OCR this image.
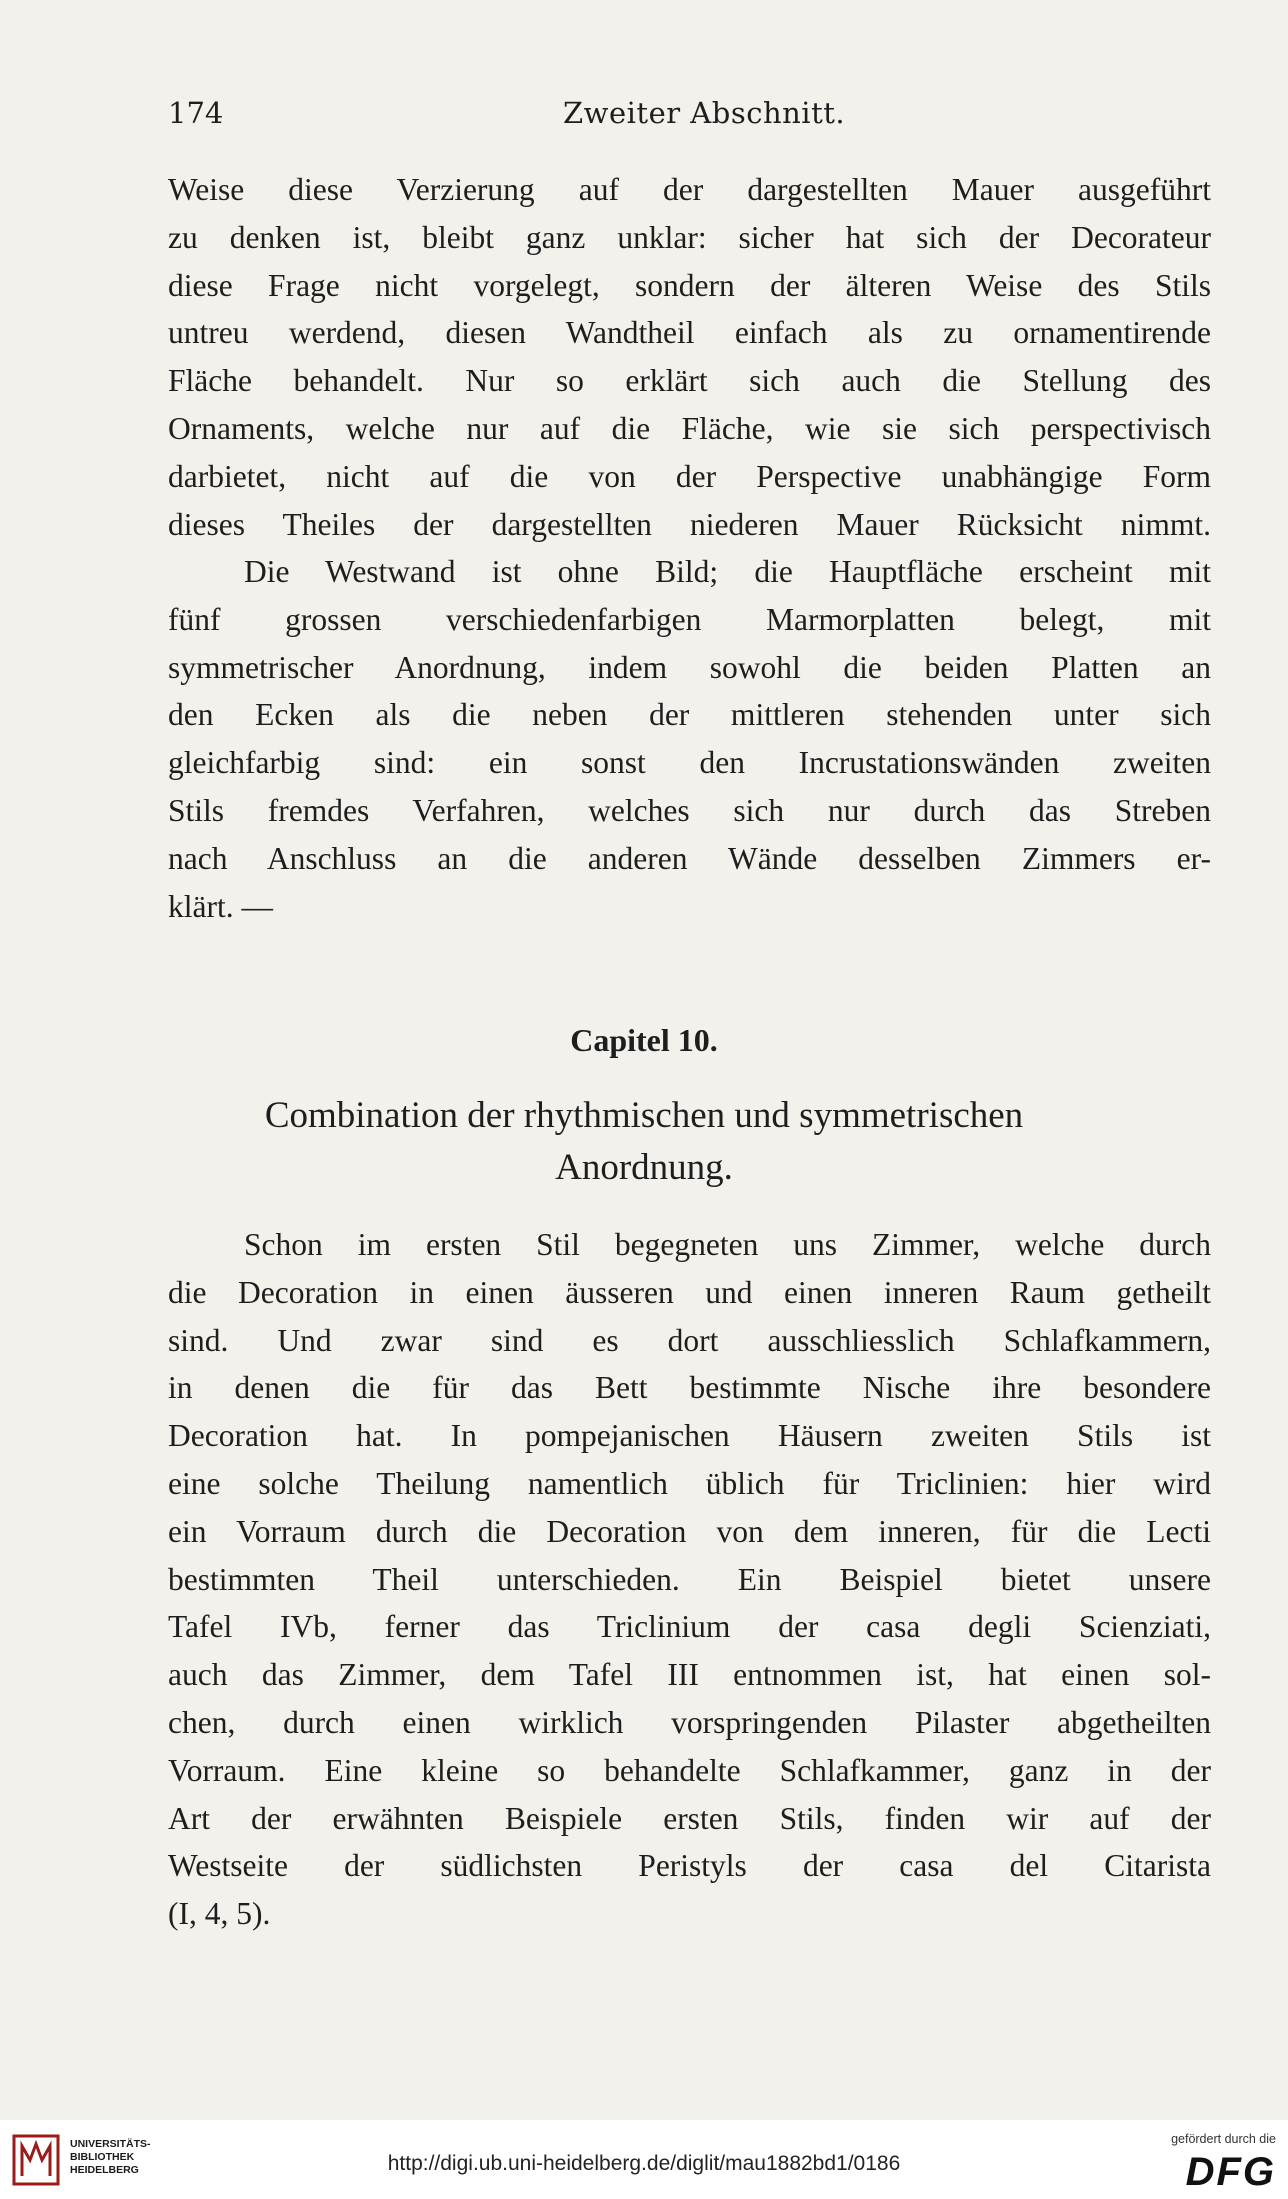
174	Zweiter Abschnitt.
Weise diese Verzierung auf der dargestellten Mauer ausgeführt
zu denken ist, bleibt ganz unklar: sicher hat sich der Decorateur
diese Frage nicht vorgelegt, sondern der älteren Weise des Stils
untreu werdend, diesen Wandtheil einfach als zu ornamentirende
Fläche behandelt. Nur so erklärt sich auch die Stellung des
Ornaments, welche nur auf die Fläche, wie sie sich perspectivisch
darbietet, nicht auf die von der Perspective unabhängige Form
dieses Theiles der dargestellten niederen Mauer Rücksicht nimmt.
Die Westwand ist ohne Bild; die Hauptfläche erscheint mit
fünf grossen verschiedenfarbigen Marmorplatten belegt, mit
symmetrischer Anordnung, indem sowohl die beiden Platten an
den Ecken als die neben der mittleren stehenden unter sich
gleichfarbig sind: ein sonst den Incrustationswänden zweiten
Stils fremdes Verfahren, welches sich nur durch das Streben
nach Anschluss an die anderen Wände desselben Zimmers er-
klärt. —
Capitel 10.
Combination der rhythmischen und symmetrischen
Anordnung.
Schon im ersten Stil begegneten uns Zimmer, welche durch
die Decoration in einen äusseren und einen inneren Raum getheilt
sind. Und zwar sind es dort ausschliesslich Schlafkammern,
in denen die für das Bett bestimmte Nische ihre besondere
Decoration hat. In pompejanischen Häusern zweiten Stils ist
eine solche Theilung namentlich üblich für Triclinien: hier wird
ein Vorraum durch die Decoration von dem inneren, für die Lecti
bestimmten Theil unterschieden. Ein Beispiel bietet unsere
Tafel IVb, ferner das Triclinium der casa degli Scienziati,
auch das Zimmer, dem Tafel III entnommen ist, hat einen sol-
chen, durch einen wirklich vorspringenden Pilaster abgetheilten
Vorraum. Eine kleine so behandelte Schlafkammer, ganz in der
Art der erwähnten Beispiele ersten Stils, finden wir auf der
Westseite der südlichsten Peristyls der casa del Citarista
(I, 4, 5).
UNIVERSITÄTS-
BIBLIOTHEK
HEIDELBERG	http://digi.ub.uni-heidelberg.de/diglit/mau1882bd1/0186
gefördert durch die
DFG
